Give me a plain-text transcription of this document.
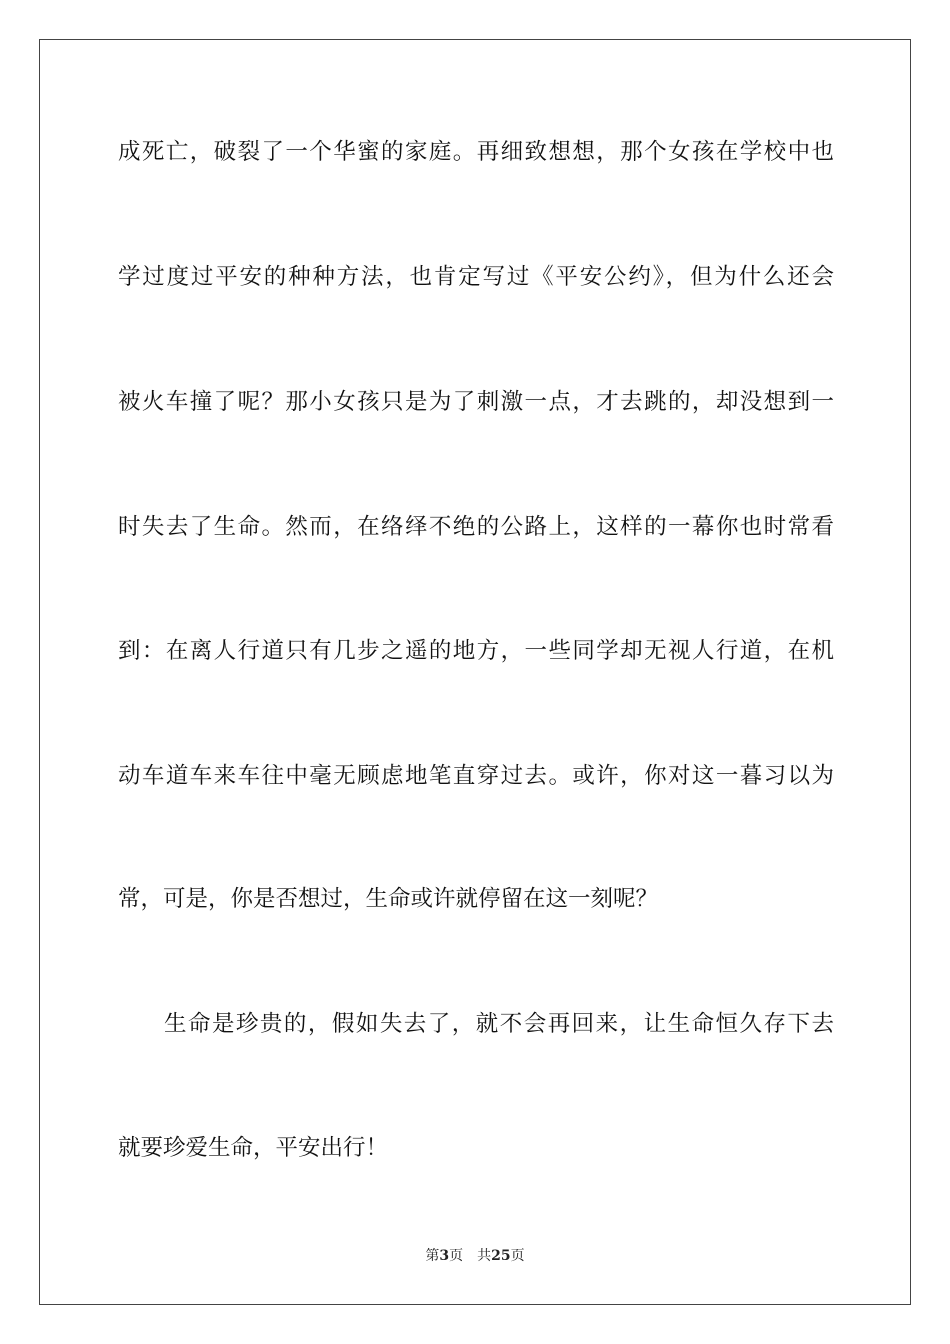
成死亡，破裂了一个华蜜的家庭。再细致想想，那个女孩在学校中也
学过度过平安的种种方法，也肯定写过《平安公约》，但为什么还会
被火车撞了呢？那小女孩只是为了刺激一点，才去跳的，却没想到一
时失去了生命。然而，在络绎不绝的公路上，这样的一幕你也时常看
到：在离人行道只有几步之遥的地方，一些同学却无视人行道，在机
动车道车来车往中毫无顾虑地笔直穿过去。或许，你对这一暮习以为
常，可是，你是否想过，生命或许就停留在这一刻呢？
生命是珍贵的，假如失去了，就不会再回来，让生命恒久存下去
就要珍爱生命，平安出行！
第3页 共25页
